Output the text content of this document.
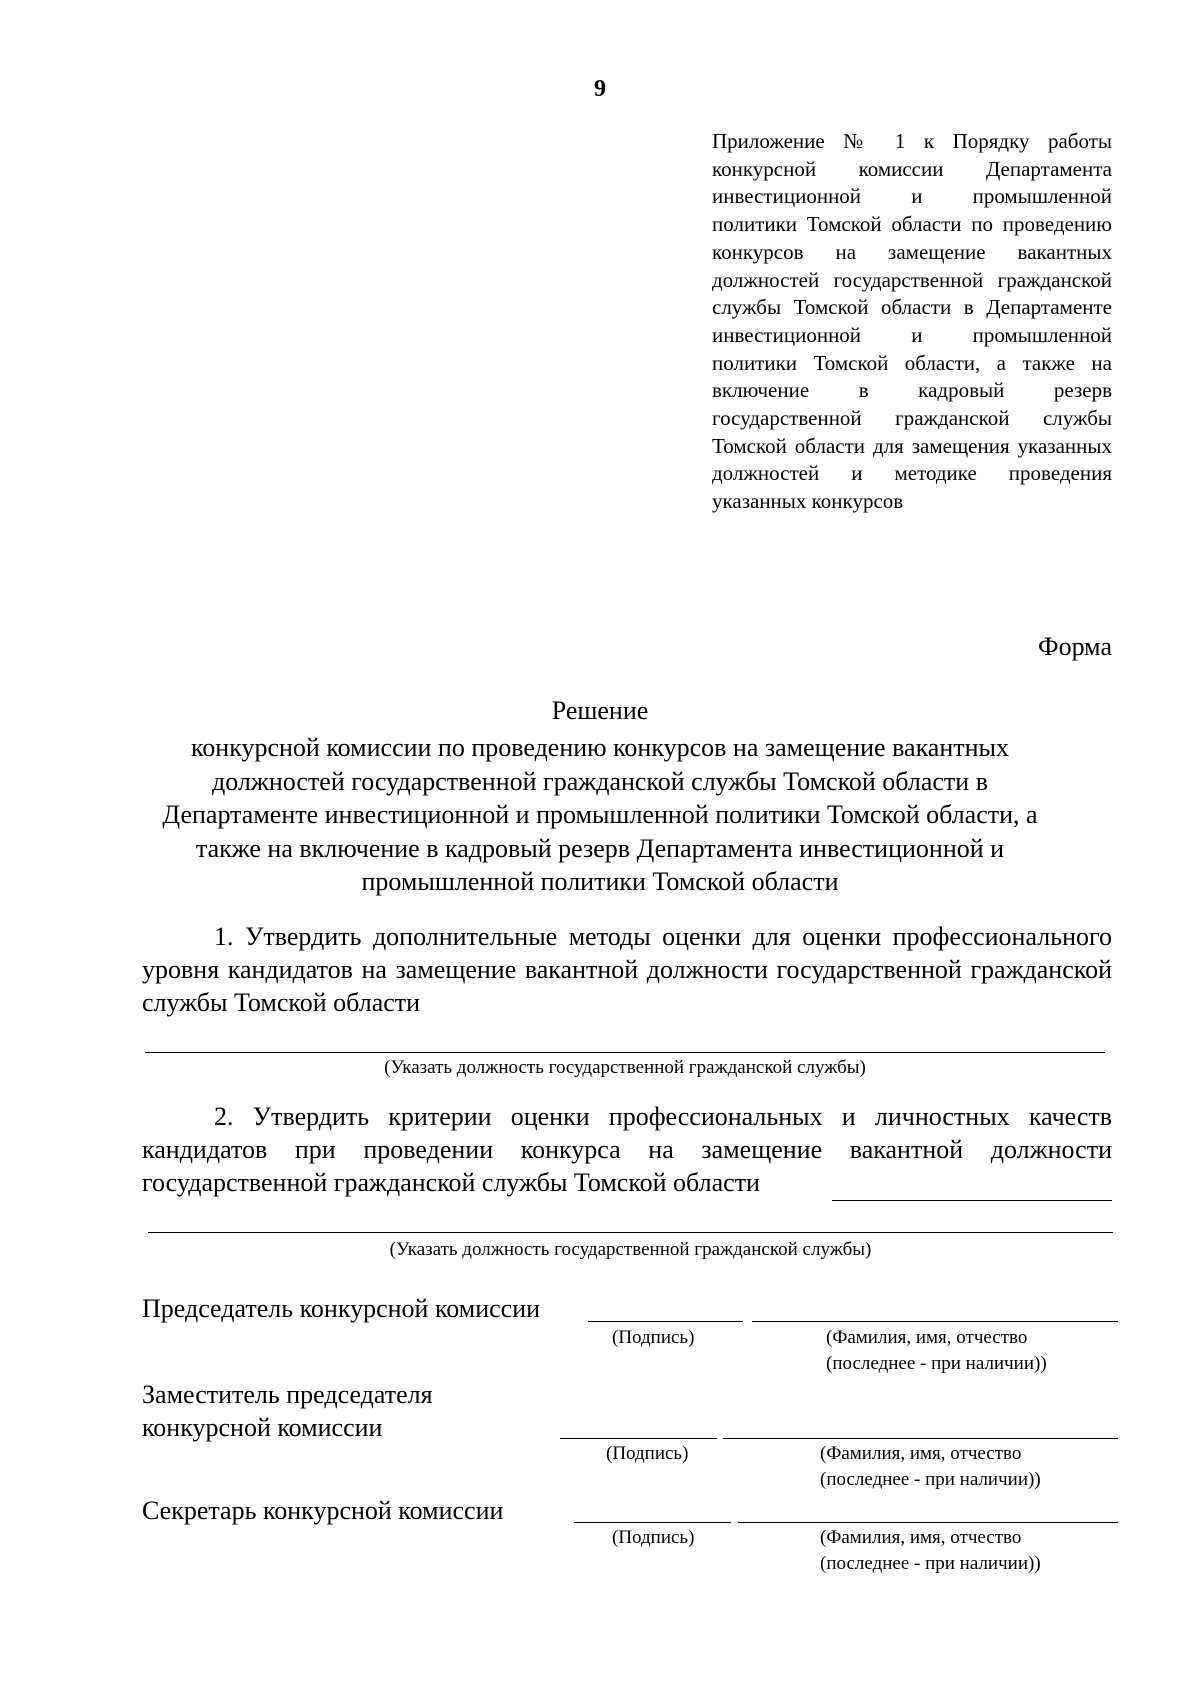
9
Приложение № 1 к Порядку работы конкурсной комиссии Департамента инвестиционной и промышленной политики Томской области по проведению конкурсов на замещение вакантных должностей государственной гражданской службы Томской области в Департаменте инвестиционной и промышленной политики Томской области, а также на включение в кадровый резерв государственной гражданской службы Томской области для замещения указанных должностей и методике проведения указанных конкурсов
Форма
Решение
конкурсной комиссии по проведению конкурсов на замещение вакантных должностей государственной гражданской службы Томской области в Департаменте инвестиционной и промышленной политики Томской области, а также на включение в кадровый резерв Департамента инвестиционной и промышленной политики Томской области
1. Утвердить дополнительные методы оценки для оценки профессионального уровня кандидатов на замещение вакантной должности государственной гражданской службы Томской области
(Указать должность государственной гражданской службы)
2. Утвердить критерии оценки профессиональных и личностных качеств кандидатов при проведении конкурса на замещение вакантной должности государственной гражданской службы Томской области
(Указать должность государственной гражданской службы)
Председатель конкурсной комиссии
(Подпись)	(Фамилия, имя, отчество
(последнее - при наличии))
Заместитель председателя
конкурсной комиссии
(Подпись)	(Фамилия, имя, отчество
(последнее - при наличии))
Секретарь конкурсной комиссии
(Подпись)	(Фамилия, имя, отчество
(последнее - при наличии))
